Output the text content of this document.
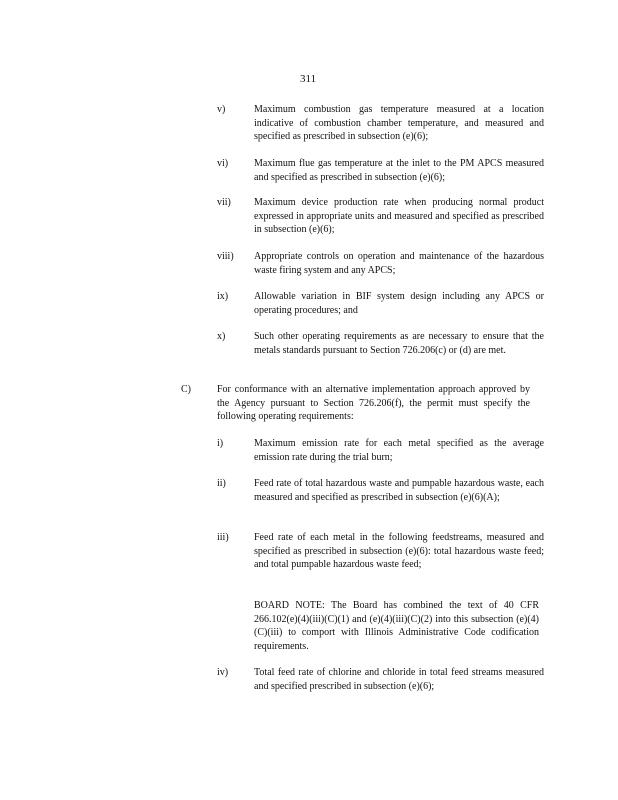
311
v)	Maximum combustion gas temperature measured at a location indicative of combustion chamber temperature, and measured and specified as prescribed in subsection (e)(6);
vi)	Maximum flue gas temperature at the inlet to the PM APCS measured and specified as prescribed in subsection (e)(6);
vii) Maximum device production rate when producing normal product expressed in appropriate units and measured and specified as prescribed in subsection (e)(6);
viii) Appropriate controls on operation and maintenance of the hazardous waste firing system and any APCS;
ix)	Allowable variation in BIF system design including any APCS or operating procedures; and
x)	Such other operating requirements as are necessary to ensure that the metals standards pursuant to Section 726.206(c) or (d) are met.
C)	For conformance with an alternative implementation approach approved by the Agency pursuant to Section 726.206(f), the permit must specify the following operating requirements:
i)	Maximum emission rate for each metal specified as the average emission rate during the trial burn;
ii)	Feed rate of total hazardous waste and pumpable hazardous waste, each measured and specified as prescribed in subsection (e)(6)(A);
iii)	Feed rate of each metal in the following feedstreams, measured and specified as prescribed in subsection (e)(6): total hazardous waste feed; and total pumpable hazardous waste feed;
BOARD NOTE: The Board has combined the text of 40 CFR 266.102(e)(4)(iii)(C)(1) and (e)(4)(iii)(C)(2) into this subsection (e)(4)(C)(iii) to comport with Illinois Administrative Code codification requirements.
iv)	Total feed rate of chlorine and chloride in total feed streams measured and specified prescribed in subsection (e)(6);
